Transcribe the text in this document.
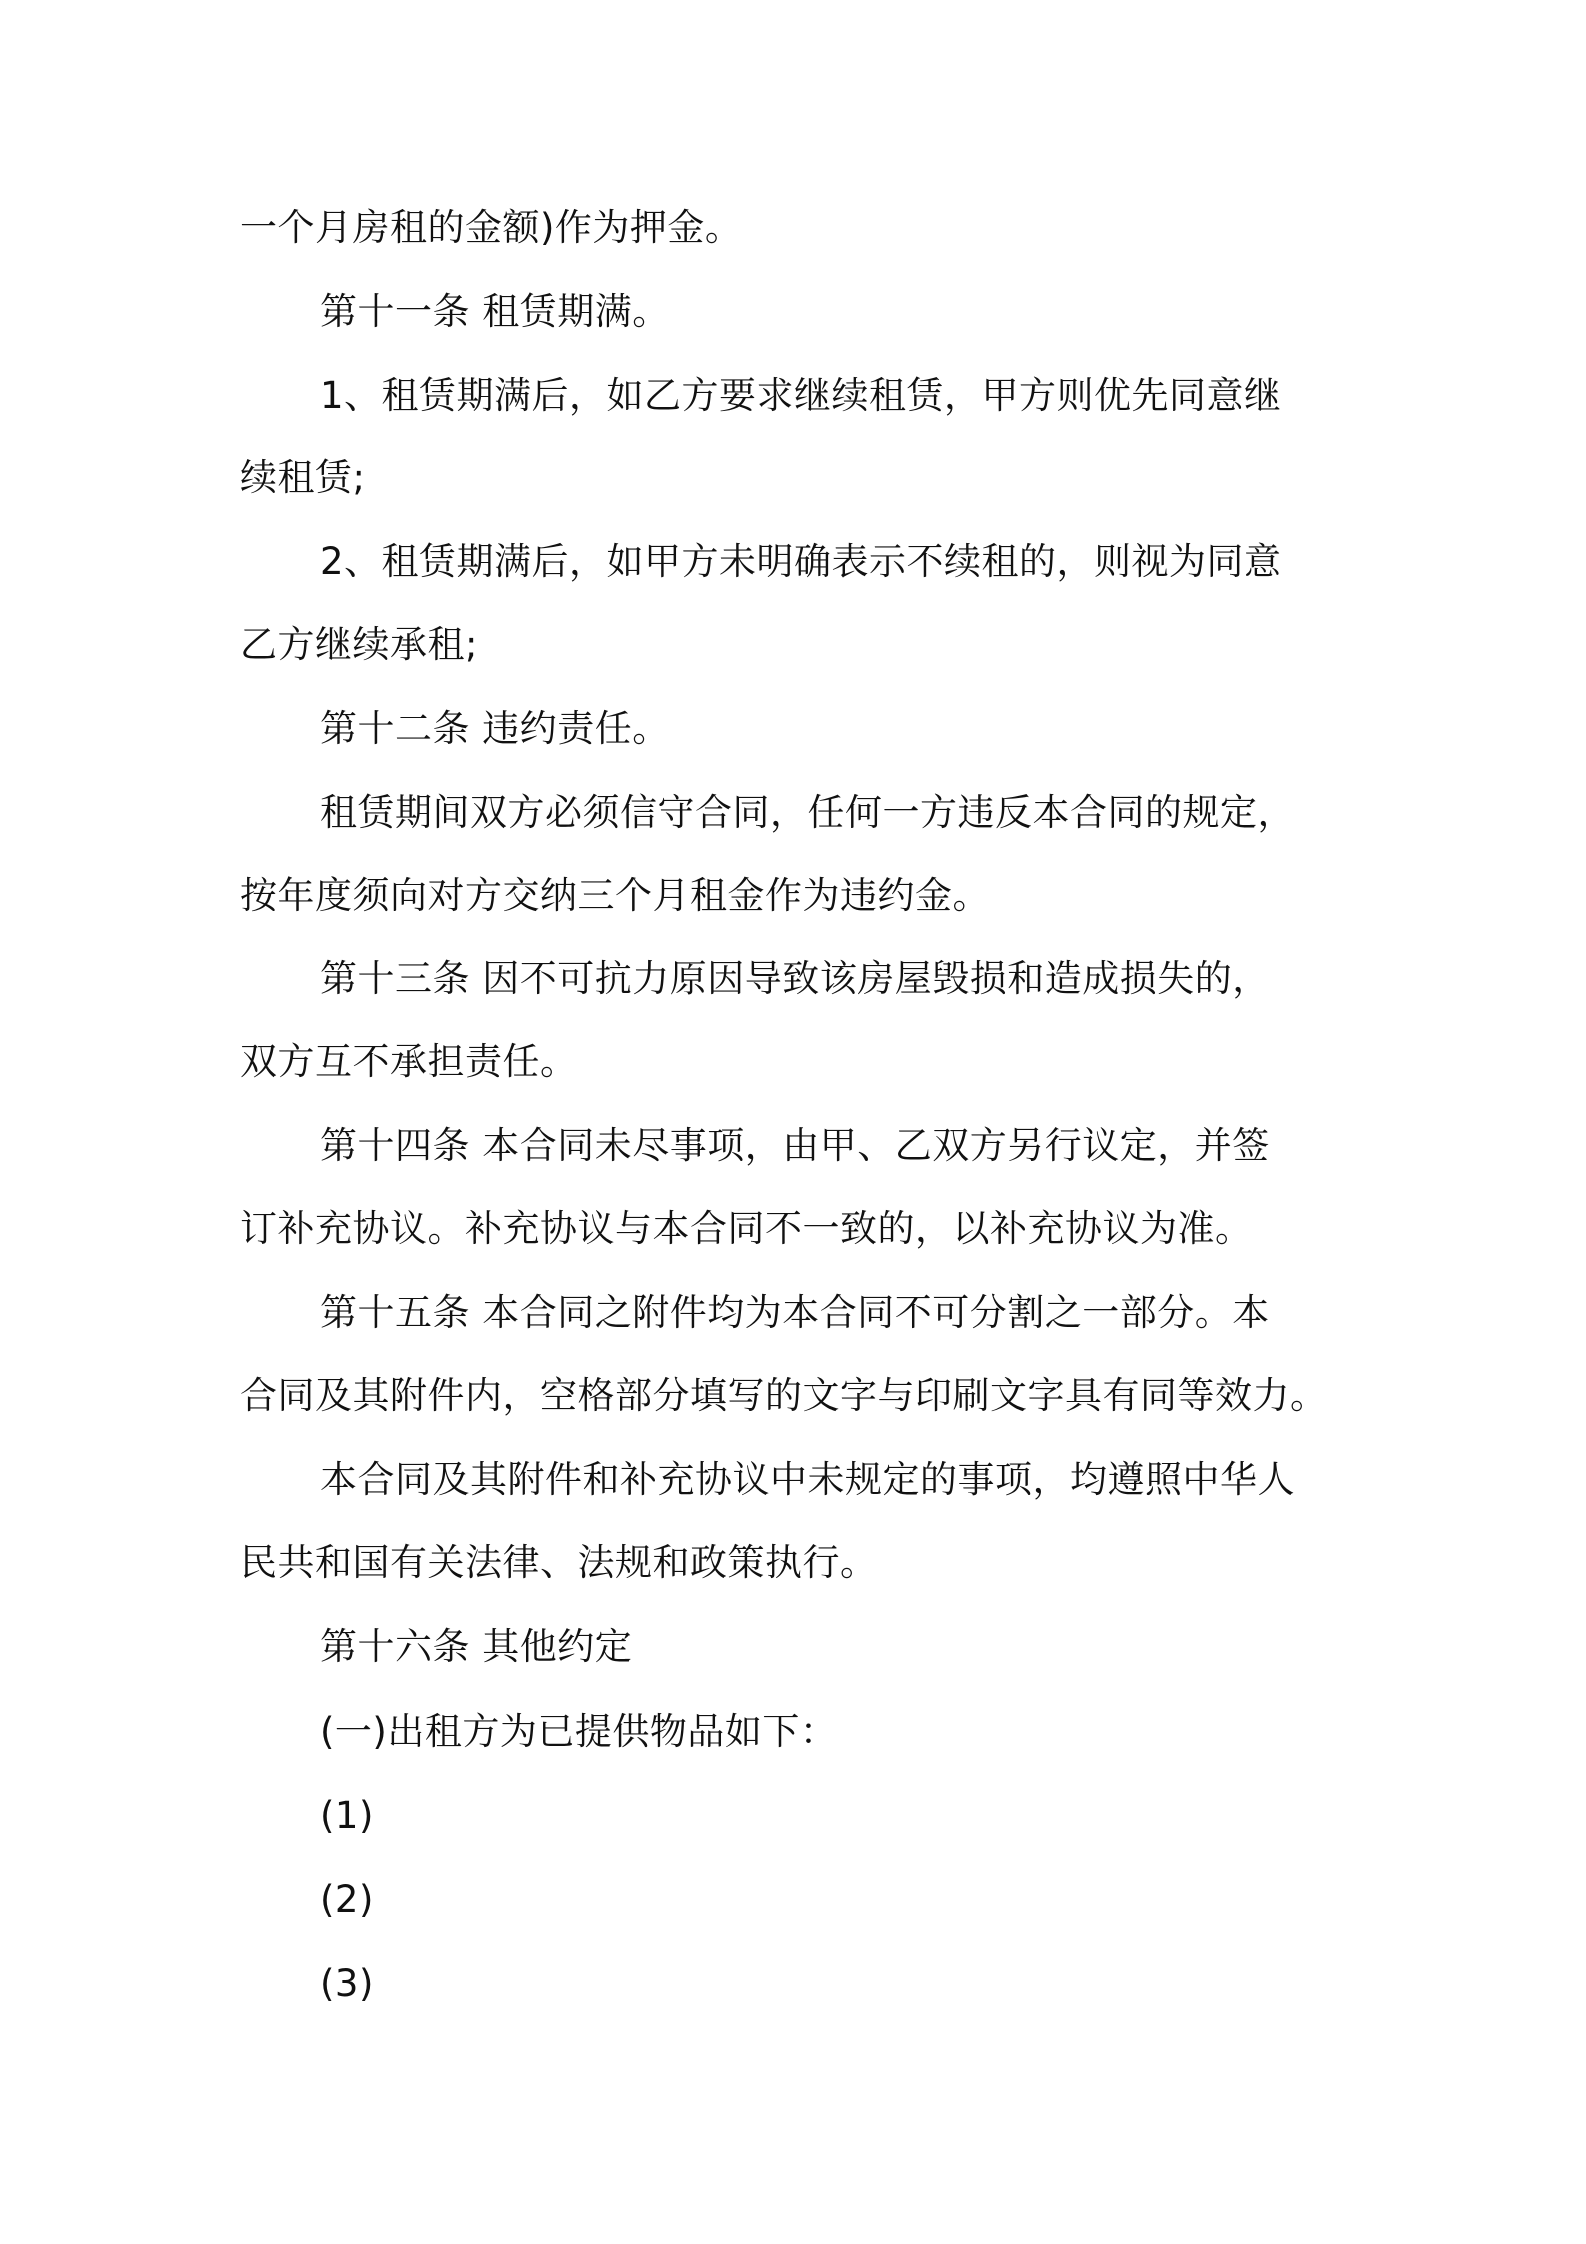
一个月房租的金额)作为押金。
第十一条 租赁期满。
1、租赁期满后，如乙方要求继续租赁，甲方则优先同意继
续租赁;
2、租赁期满后，如甲方未明确表示不续租的，则视为同意
乙方继续承租;
第十二条 违约责任。
租赁期间双方必须信守合同，任何一方违反本合同的规定，
按年度须向对方交纳三个月租金作为违约金。
第十三条 因不可抗力原因导致该房屋毁损和造成损失的，
双方互不承担责任。
第十四条 本合同未尽事项，由甲、乙双方另行议定，并签
订补充协议。补充协议与本合同不一致的，以补充协议为准。
第十五条 本合同之附件均为本合同不可分割之一部分。本
合同及其附件内，空格部分填写的文字与印刷文字具有同等效力。
本合同及其附件和补充协议中未规定的事项，均遵照中华人
民共和国有关法律、法规和政策执行。
第十六条 其他约定
(一)出租方为已提供物品如下：
(1)
(2)
(3)
